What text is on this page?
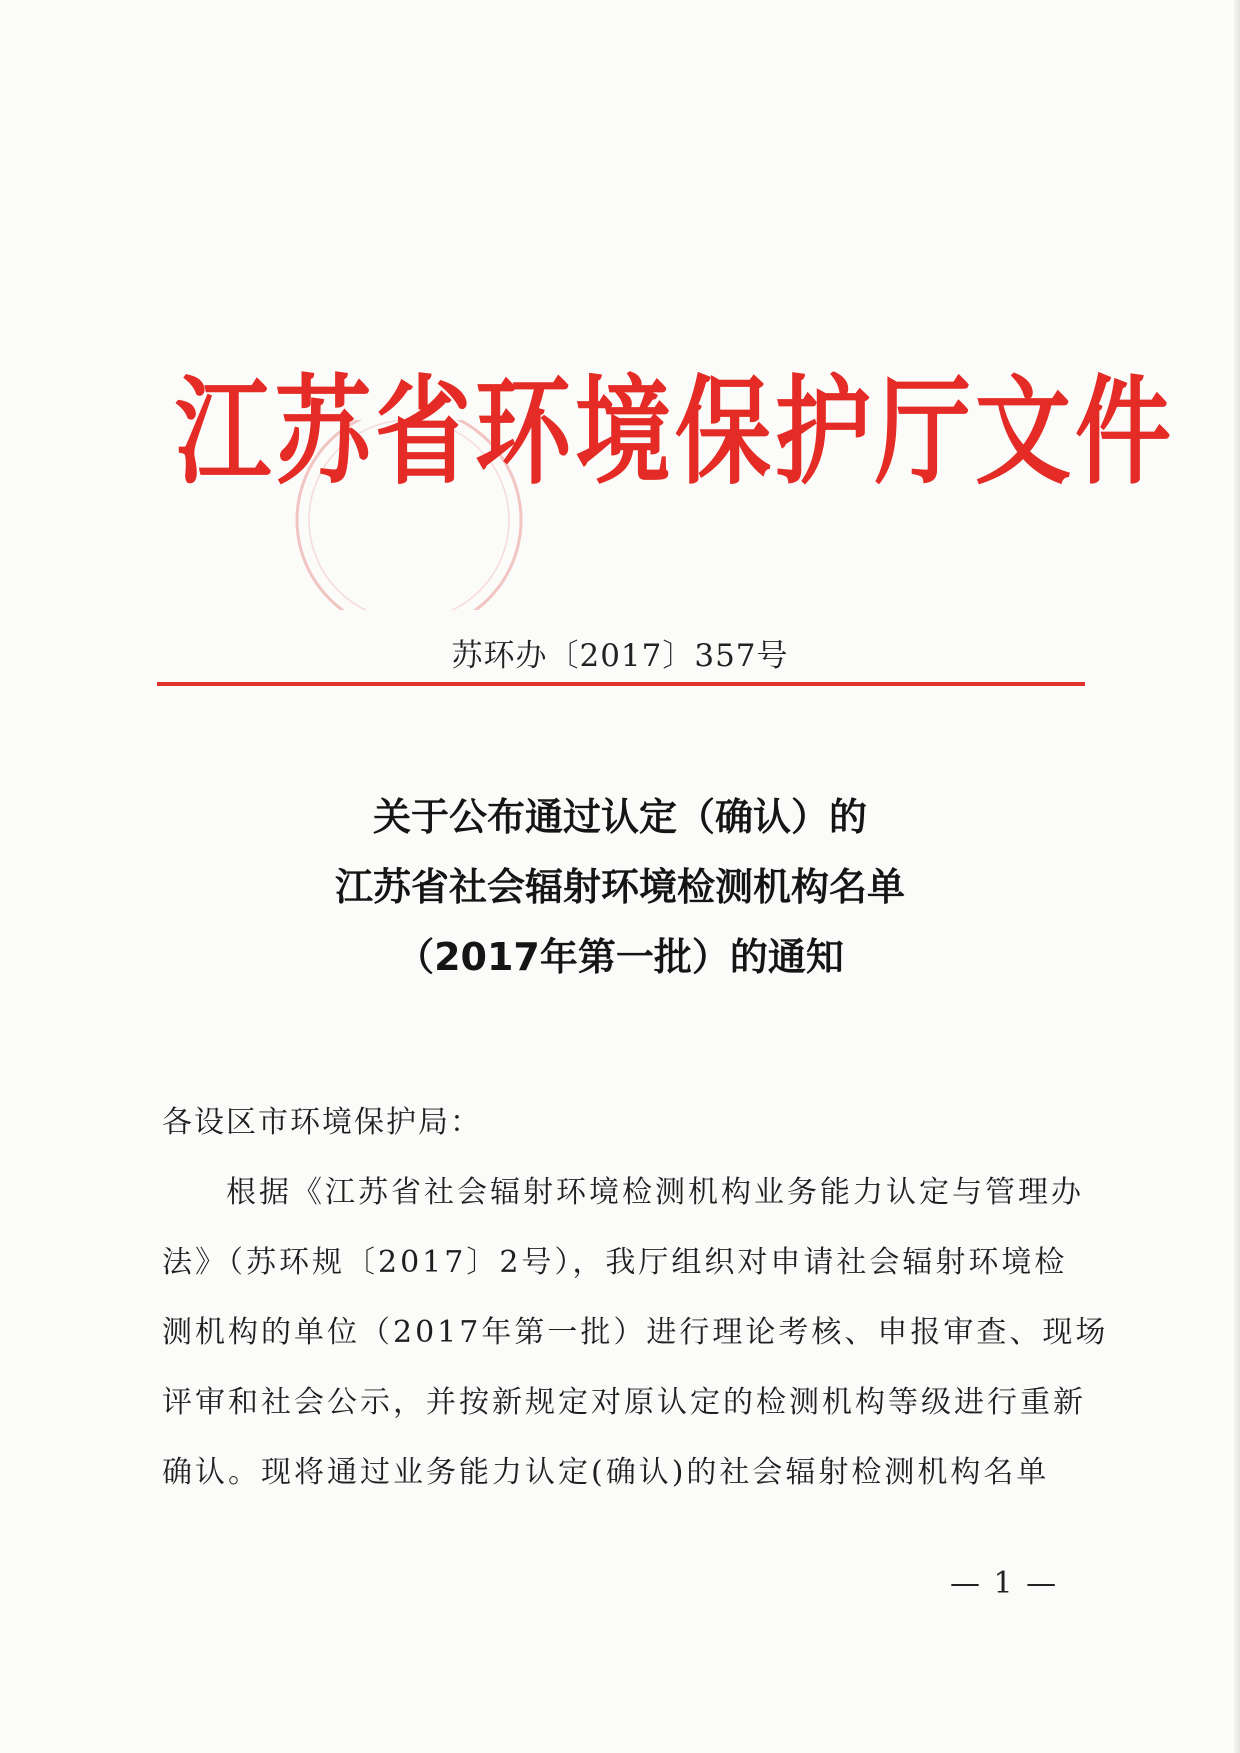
江苏省环境保护厅文件
苏环办〔2017〕357号
关于公布通过认定（确认）的
江苏省社会辐射环境检测机构名单
（2017年第一批）的通知
各设区市环境保护局：
根据《江苏省社会辐射环境检测机构业务能力认定与管理办
法》（苏环规〔2017〕2号），我厅组织对申请社会辐射环境检
测机构的单位（2017年第一批）进行理论考核、申报审查、现场
评审和社会公示，并按新规定对原认定的检测机构等级进行重新
确认。现将通过业务能力认定(确认)的社会辐射检测机构名单
— 1 —
